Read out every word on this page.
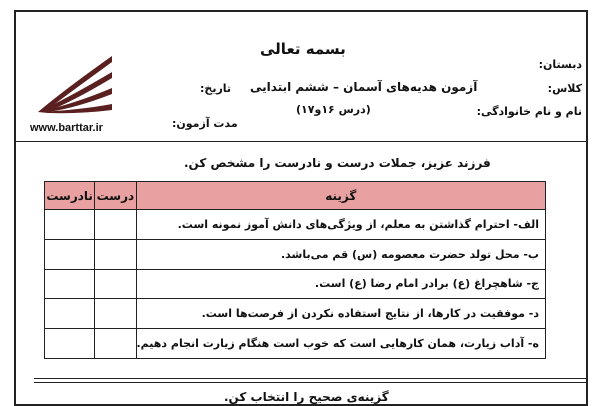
بسمه تعالی
دبستان:
کلاس:
نام و نام خانوادگی:
آزمون هدیه‌های آسمان – ششم ابتدایی
(درس ۱۶و۱۷)
تاریخ:
مدت آزمون:
www.barttar.ir
فرزند عزیز، جملات درست و نادرست را مشخص کن.
گزینه	درست	نادرست
الف- احترام گذاشتن به معلم، از ویژگی‌های دانش آموز نمونه است.		
ب- محل تولد حضرت معصومه (س) قم می‌باشد.		
ج- شاهچراغ (ع) برادر امام رضا (ع) است.		
د- موفقیت در کارها، از نتایج استفاده نکردن از فرصت‌ها است.		
ه- آداب زیارت، همان کارهایی است که خوب است هنگام زیارت انجام دهیم.		
گزینه‌ی صحیح را انتخاب کن.
